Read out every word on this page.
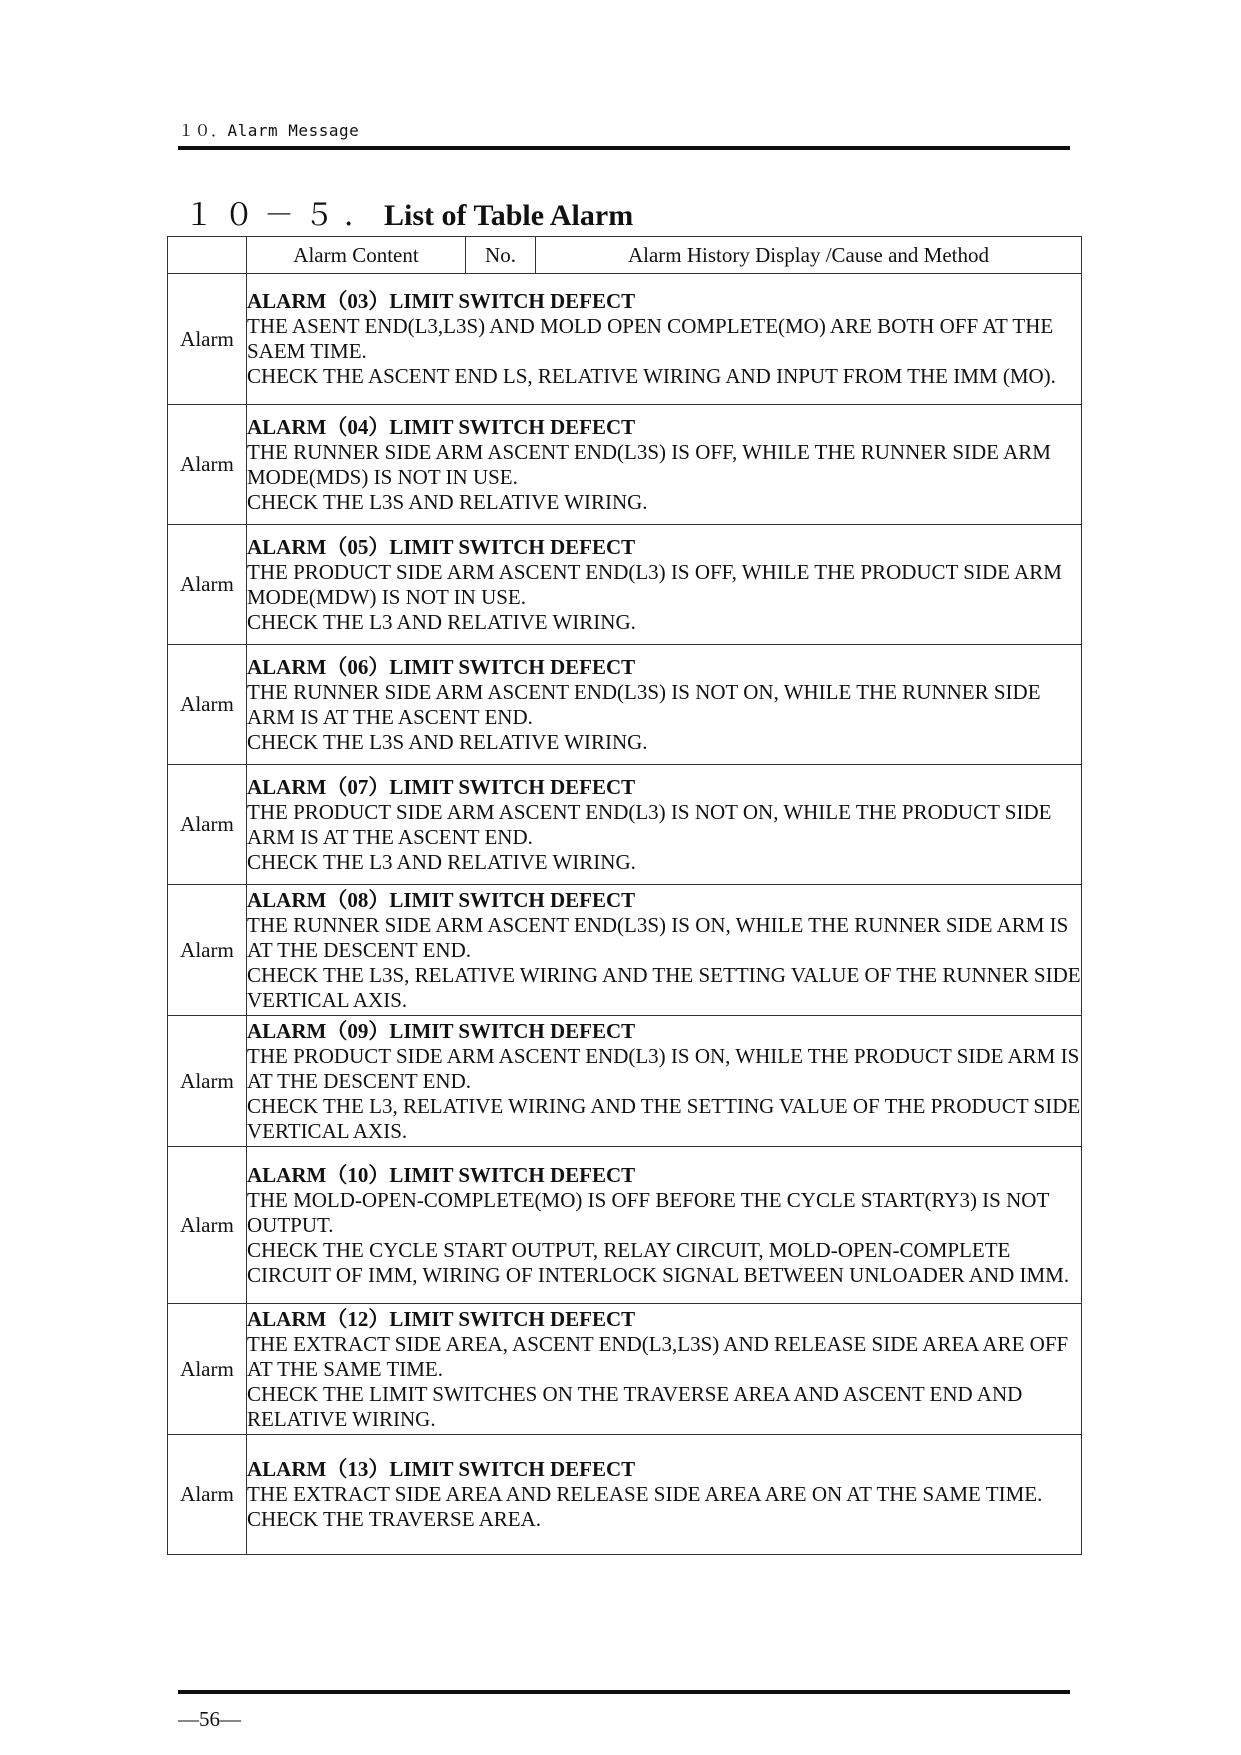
１０．Alarm Message
１０－５．List of Table Alarm
	Alarm Content	No.	Alarm History Display /Cause and Method
Alarm	ALARM（03）LIMIT SWITCH DEFECT
THE ASENT END(L3,L3S) AND MOLD OPEN COMPLETE(MO) ARE BOTH OFF AT THE SAEM TIME.
CHECK THE ASCENT END LS, RELATIVE WIRING AND INPUT FROM THE IMM (MO).		

Alarm	ALARM（04）LIMIT SWITCH DEFECT
THE RUNNER SIDE ARM ASCENT END(L3S) IS OFF, WHILE THE RUNNER SIDE ARM MODE(MDS) IS NOT IN USE.
CHECK THE L3S AND RELATIVE WIRING.		

Alarm	ALARM（05）LIMIT SWITCH DEFECT
THE PRODUCT SIDE ARM ASCENT END(L3) IS OFF, WHILE THE PRODUCT SIDE ARM MODE(MDW) IS NOT IN USE.
CHECK THE L3 AND RELATIVE WIRING.		

Alarm	ALARM（06）LIMIT SWITCH DEFECT
THE RUNNER SIDE ARM ASCENT END(L3S) IS NOT ON, WHILE THE RUNNER SIDE ARM IS AT THE ASCENT END.
CHECK THE L3S AND RELATIVE WIRING.		

Alarm	ALARM（07）LIMIT SWITCH DEFECT
THE PRODUCT SIDE ARM ASCENT END(L3) IS NOT ON, WHILE THE PRODUCT SIDE ARM IS AT THE ASCENT END.
CHECK THE L3 AND RELATIVE WIRING.		

Alarm	ALARM（08）LIMIT SWITCH DEFECT
THE RUNNER SIDE ARM ASCENT END(L3S) IS ON, WHILE THE RUNNER SIDE ARM IS AT THE DESCENT END.
CHECK THE L3S, RELATIVE WIRING AND THE SETTING VALUE OF THE RUNNER SIDE VERTICAL AXIS.		

Alarm	ALARM（09）LIMIT SWITCH DEFECT
THE PRODUCT SIDE ARM ASCENT END(L3) IS ON, WHILE THE PRODUCT SIDE ARM IS AT THE DESCENT END.
CHECK THE L3, RELATIVE WIRING AND THE SETTING VALUE OF THE PRODUCT SIDE VERTICAL AXIS.		

Alarm	ALARM（10）LIMIT SWITCH DEFECT
THE MOLD-OPEN-COMPLETE(MO) IS OFF BEFORE THE CYCLE START(RY3) IS NOT OUTPUT.
CHECK THE CYCLE START OUTPUT, RELAY CIRCUIT, MOLD-OPEN-COMPLETE CIRCUIT OF IMM, WIRING OF INTERLOCK SIGNAL BETWEEN UNLOADER AND IMM.		

Alarm	ALARM（12）LIMIT SWITCH DEFECT
THE EXTRACT SIDE AREA, ASCENT END(L3,L3S) AND RELEASE SIDE AREA ARE OFF AT THE SAME TIME.
CHECK THE LIMIT SWITCHES ON THE TRAVERSE AREA AND ASCENT END AND RELATIVE WIRING.		

Alarm	ALARM（13）LIMIT SWITCH DEFECT
THE EXTRACT SIDE AREA AND RELEASE SIDE AREA ARE ON AT THE SAME TIME.
CHECK THE TRAVERSE AREA.		
—56—
